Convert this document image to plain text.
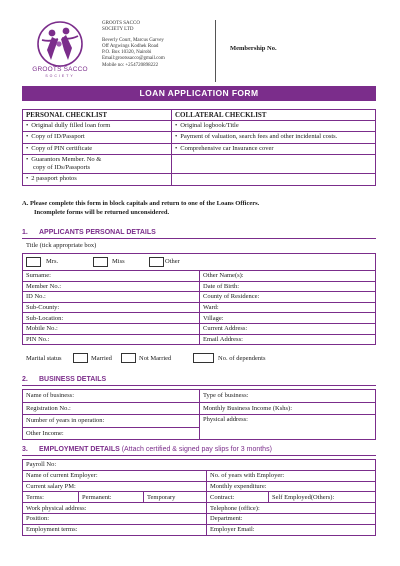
GROOTS SACCO
SOCIETY
GROOTS SACCO
SOCIETY LTD
Beverly Court, Marcus Garvey
Off Argwings Kodhek Road
P.O. Box 10320, Nairobi
Email:grootssacco@gmail.com
Mobile no: +254720898222
Membership No.
LOAN APPLICATION FORM
PERSONAL CHECKLIST	COLLATERAL CHECKLIST

• Original dully filled loan form	• Original logbook/Title

• Copy of ID/Passport	• Payment of valuation, search fees and other incidental costs.

• Copy of PIN certificate	• Comprehensive car Insurance cover

• Guarantors Member. No &
copy of IDs/Passports

• 2 passport photos

A. Please complete this form in block capitals and return to one of the Loans Officers.
Incomplete forms will be returned unconsidered.
1. APPLICANTS PERSONAL DETAILS
Title (tick appropriate box)
Mrs.	Miss	Other
Surname:	Other Name(s):
Member No.:	Date of Birth:
ID No.:	County of Residence:
Sub-County:	Ward:
Sub-Location:	Village:
Mobile No.:	Current Address:
PIN No.:	Email Address:
Marital status	Married	Not Married	No. of dependents
2. BUSINESS DETAILS
Name of business:	Type of business:
Registration No.:	Monthly Business Income (Kshs):
Number of years in operation:	Physical address:
Other Income:	
3. EMPLOYMENT DETAILS (Attach certified & signed pay slips for 3 months)
Payroll No:				
Name of current Employer:			No. of years with Employer:	
Current salary PM:			Monthly expenditure:	
Terms:	Permanent:	Temporary	Contract:	Self Employed(Others):
Work physical address:			Telephone (office):	
Position:			Department:	
Employment terms:			Employer Email:	
